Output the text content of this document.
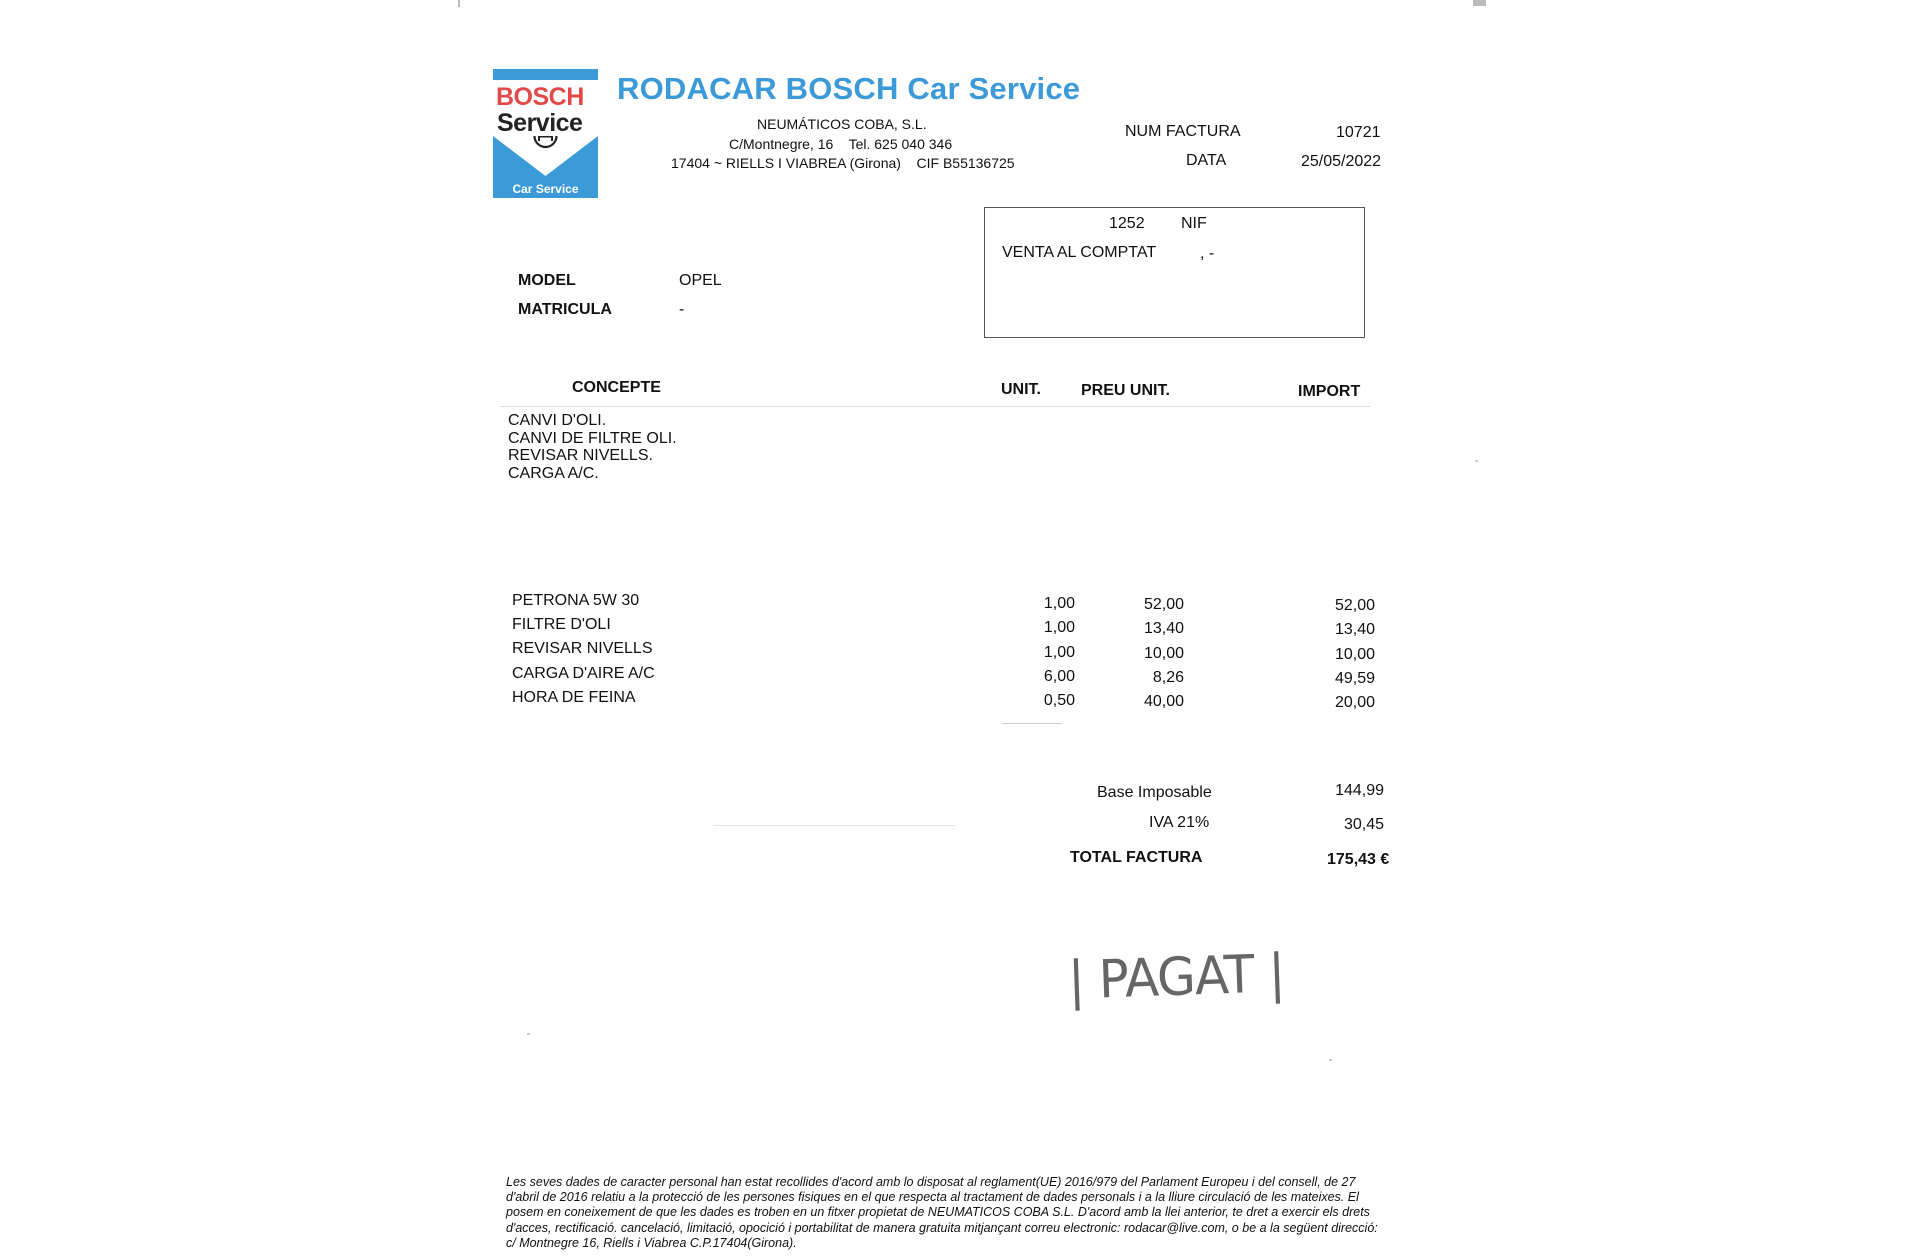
BOSCH
Service
Car Service
RODACAR BOSCH Car Service
NEUMÁTICOS COBA, S.L.
C/Montnegre, 16    Tel. 625 040 346
17404 ~ RIELLS I VIABREA (Girona)    CIF B55136725
NUM FACTURA	10721
DATA	25/05/2022
1252 NIF
VENTA AL COMPTAT	, -
MODEL	OPEL
MATRICULA	-
CONCEPTE	UNIT.	PREU UNIT.	IMPORT
CANVI D'OLI.
CANVI DE FILTRE OLI.
REVISAR NIVELLS.
CARGA A/C.
PETRONA 5W 30	1,00	52,00	52,00
FILTRE D'OLI	1,00	13,40	13,40
REVISAR NIVELLS	1,00	10,00	10,00
CARGA D'AIRE A/C	6,00	8,26	49,59
HORA DE FEINA	0,50	40,00	20,00
Base Imposable	144,99
IVA 21%	30,45
TOTAL FACTURA	175,43 €
| PAGAT |
Les seves dades de caracter personal han estat recollides d'acord amb lo disposat al reglament(UE) 2016/979 del Parlament Europeu i del consell, de 27 d'abril de 2016 relatiu a la protecció de les persones fisiques en el que respecta al tractament de dades personals i a la lliure circulació de les mateixes. El posem en coneixement de que les dades es troben en un fitxer propietat de NEUMATICOS COBA S.L. D'acord amb la llei anterior, te dret a exercir els drets d'acces, rectificació. cancelació, limitació, opocició i portabilitat de manera gratuita mitjançant correu electronic: rodacar@live.com, o be a la següent direcció: c/ Montnegre 16, Riells i Viabrea C.P.17404(Girona).
